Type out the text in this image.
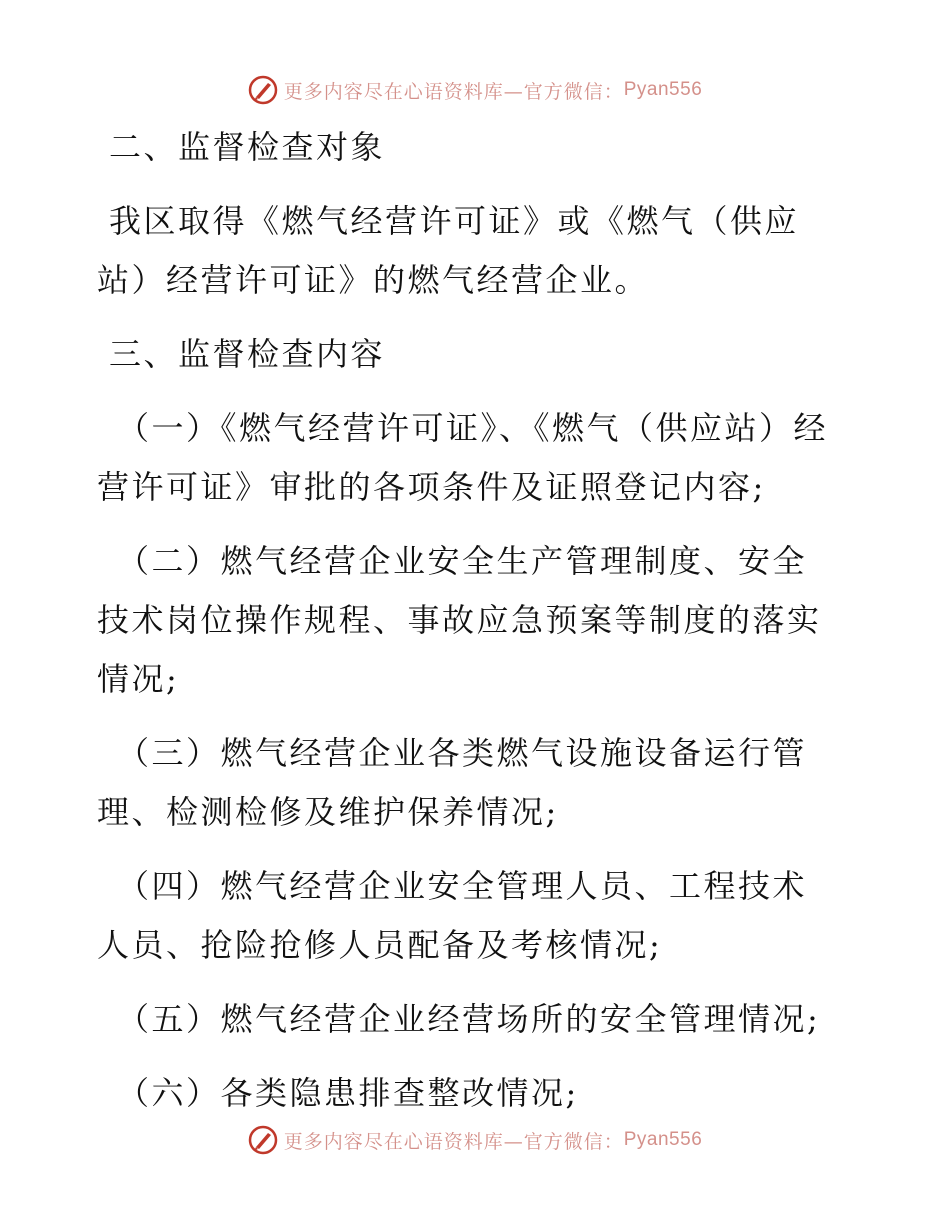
更多内容尽在心语资料库—官方微信： Pyan556

二、监督检查对象

我区取得《燃气经营许可证》或《燃气（供应站）经营许可证》的燃气经营企业。

三、监督检查内容

（一）《燃气经营许可证》、《燃气（供应站）经营许可证》审批的各项条件及证照登记内容;

（二）燃气经营企业安全生产管理制度、安全技术岗位操作规程、事故应急预案等制度的落实情况;

（三）燃气经营企业各类燃气设施设备运行管理、检测检修及维护保养情况;

（四）燃气经营企业安全管理人员、工程技术人员、抢险抢修人员配备及考核情况;

（五）燃气经营企业经营场所的安全管理情况;

（六）各类隐患排查整改情况;

更多内容尽在心语资料库—官方微信： Pyan556
